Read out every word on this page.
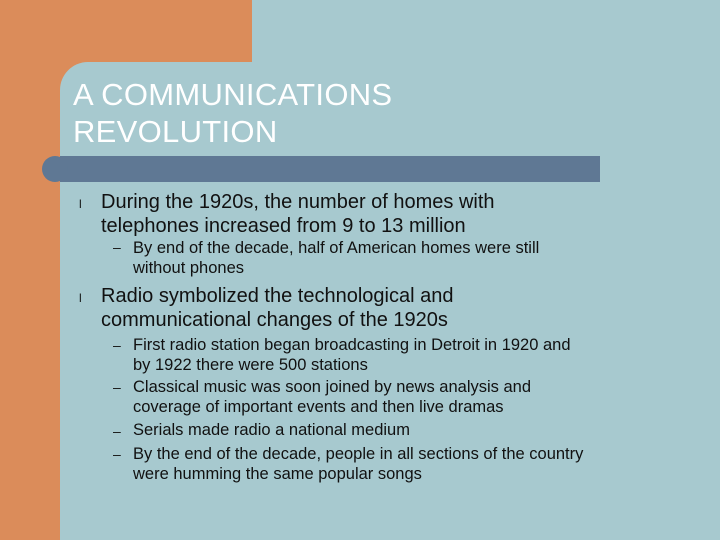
A COMMUNICATIONS
REVOLUTION
l During the 1920s, the number of homes with
telephones increased from 9 to 13 million

– By end of the decade, half of American homes were still
without phones

l Radio symbolized the technological and
communicational changes of the 1920s

– First radio station began broadcasting in Detroit in 1920 and
by 1922 there were 500 stations

– Classical music was soon joined by news analysis and
coverage of important events and then live dramas

– Serials made radio a national medium

– By the end of the decade, people in all sections of the country
were humming the same popular songs
